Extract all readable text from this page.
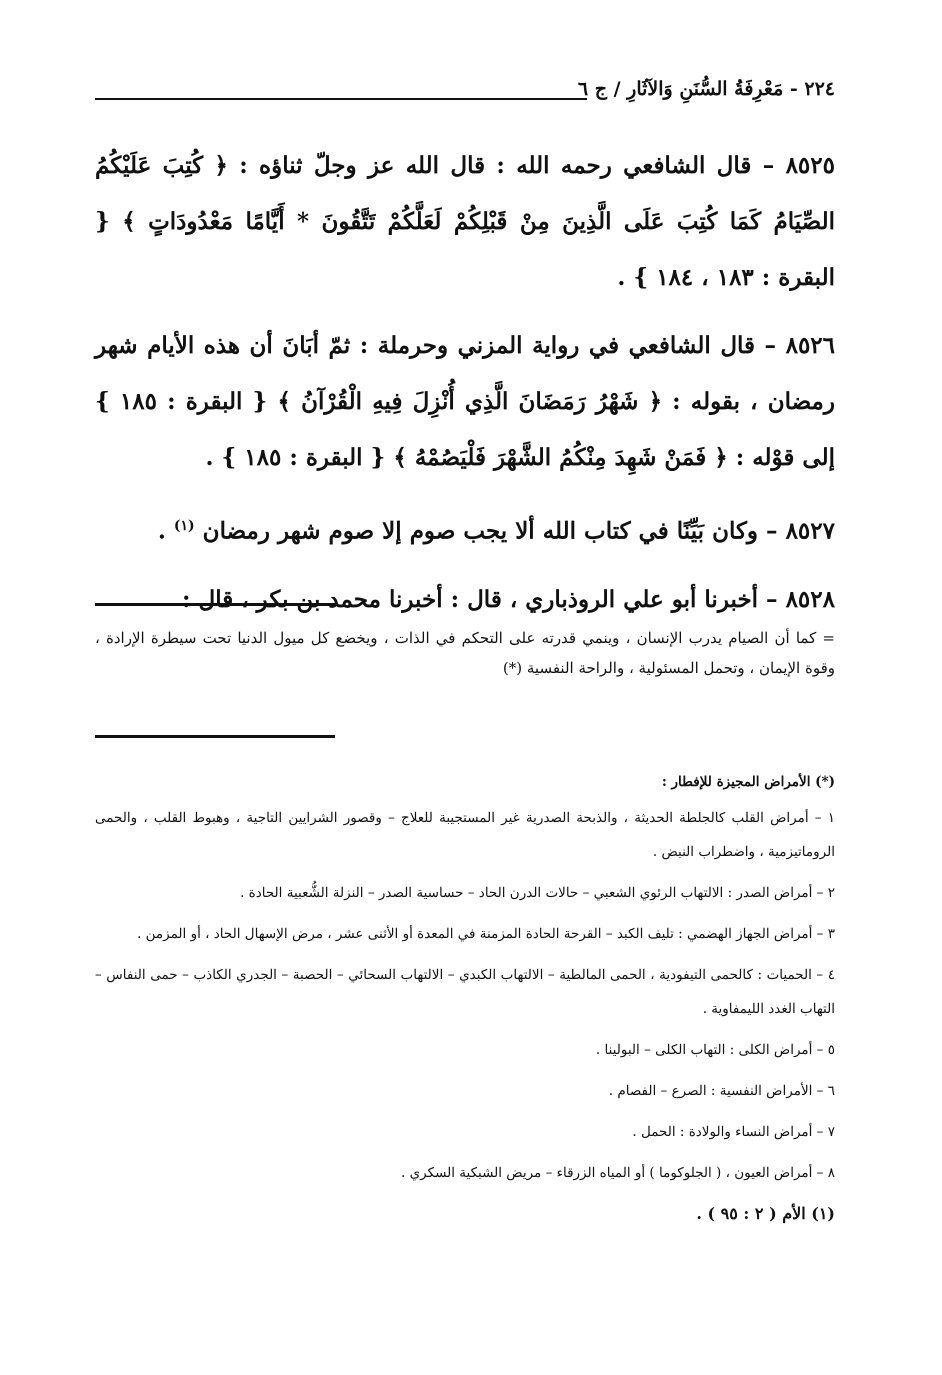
٢٢٤ - مَعْرِفَةُ السُّنَنِ وَالآثَارِ / ج ٦

٨٥٢٥ – قال الشافعي رحمه الله : قال الله عز وجلّ ثناؤه : ﴿ كُتِبَ عَلَيْكُمُ الصِّيَامُ كَمَا كُتِبَ عَلَى الَّذِينَ مِنْ قَبْلِكُمْ لَعَلَّكُمْ تَتَّقُونَ * أَيَّامًا مَعْدُودَاتٍ ﴾ { البقرة : ١٨٣ ، ١٨٤ } .

٨٥٢٦ – قال الشافعي في رواية المزني وحرملة : ثمّ أبَانَ أن هذه الأيام شهر رمضان ، بقوله : ﴿ شَهْرُ رَمَضَانَ الَّذِي أُنْزِلَ فِيهِ الْقُرْآنُ ﴾ { البقرة : ١٨٥ } إلى قوْله : ﴿ فَمَنْ شَهِدَ مِنْكُمُ الشَّهْرَ فَلْيَصُمْهُ ﴾ { البقرة : ١٨٥ } .

٨٥٢٧ – وكان بَيِّنًا في كتاب الله ألا يجب صوم إلا صوم شهر رمضان $^{(١)}$ .

٨٥٢٨ – أخبرنا أبو علي الروذباري ، قال : أخبرنا محمد بن بكر ، قال :

= كما أن الصيام يدرب الإنسان ، وينمي قدرته على التحكم في الذات ، ويخضع كل ميول الدنيا تحت سيطرة الإرادة ، وقوة الإيمان ، وتحمل المسئولية ، والراحة النفسية (*)
(*) الأمراض المجيزة للإفطار :
١ – أمراض القلب كالجلطة الحديثة ، والذبحة الصدرية غير المستجيبة للعلاج – وقصور الشرايين التاجية ، وهبوط القلب ، والحمى الروماتيزمية ، واضطراب النبض .
٢ – أمراض الصدر : الالتهاب الرئوي الشعبي – حالات الدرن الحاد – حساسية الصدر – النزلة الشُّعبية الحادة .
٣ – أمراض الجهاز الهضمي : تليف الكبد – القرحة الحادة المزمنة في المعدة أو الأثنى عشر ، مرض الإسهال الحاد ، أو المزمن .
٤ – الحميات : كالحمى التيفودية ، الحمى المالطية – الالتهاب الكبدي – الالتهاب السحائي – الحصبة – الجدري الكاذب – حمى النفاس – التهاب الغدد الليمفاوية .
٥ – أمراض الكلى : التهاب الكلى – البولينا .
٦ – الأمراض النفسية : الصرع – الفصام .
٧ – أمراض النساء والولادة : الحمل .
٨ – أمراض العيون ، ( الجلوكوما ) أو المياه الزرقاء – مريض الشبكية السكري .
(١) الأم ( ٢ : ٩٥ ) .
